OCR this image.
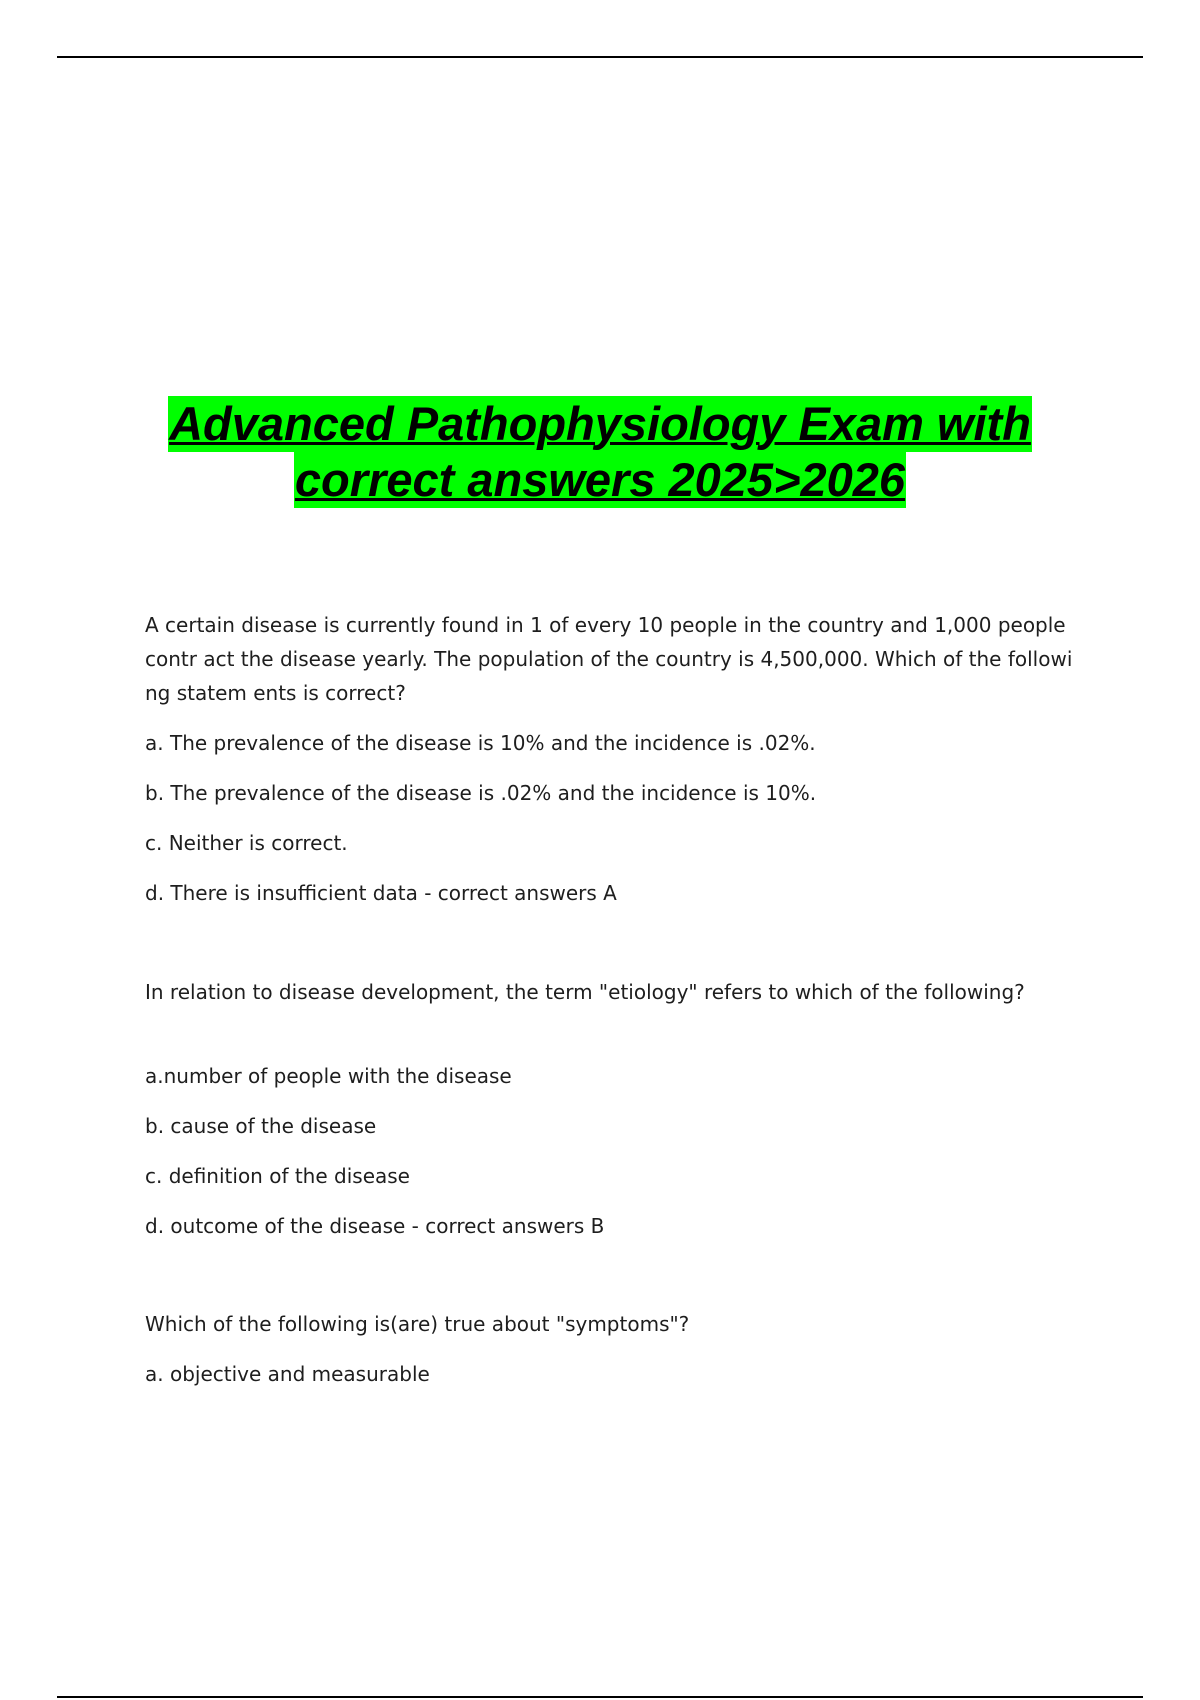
Advanced Pathophysiology Exam with
correct answers 2025>2026

A certain disease is currently found in 1 of every 10 people in the country and 1,000 people contr act the disease yearly. The population of the country is 4,500,000. Which of the following statem ents is correct?

a. The prevalence of the disease is 10% and the incidence is .02%.

b. The prevalence of the disease is .02% and the incidence is 10%.

c. Neither is correct.

d. There is insufficient data - correct answers A

In relation to disease development, the term "etiology" refers to which of the following?

a.number of people with the disease

b. cause of the disease

c. definition of the disease

d. outcome of the disease - correct answers B

Which of the following is(are) true about "symptoms"?

a. objective and measurable
